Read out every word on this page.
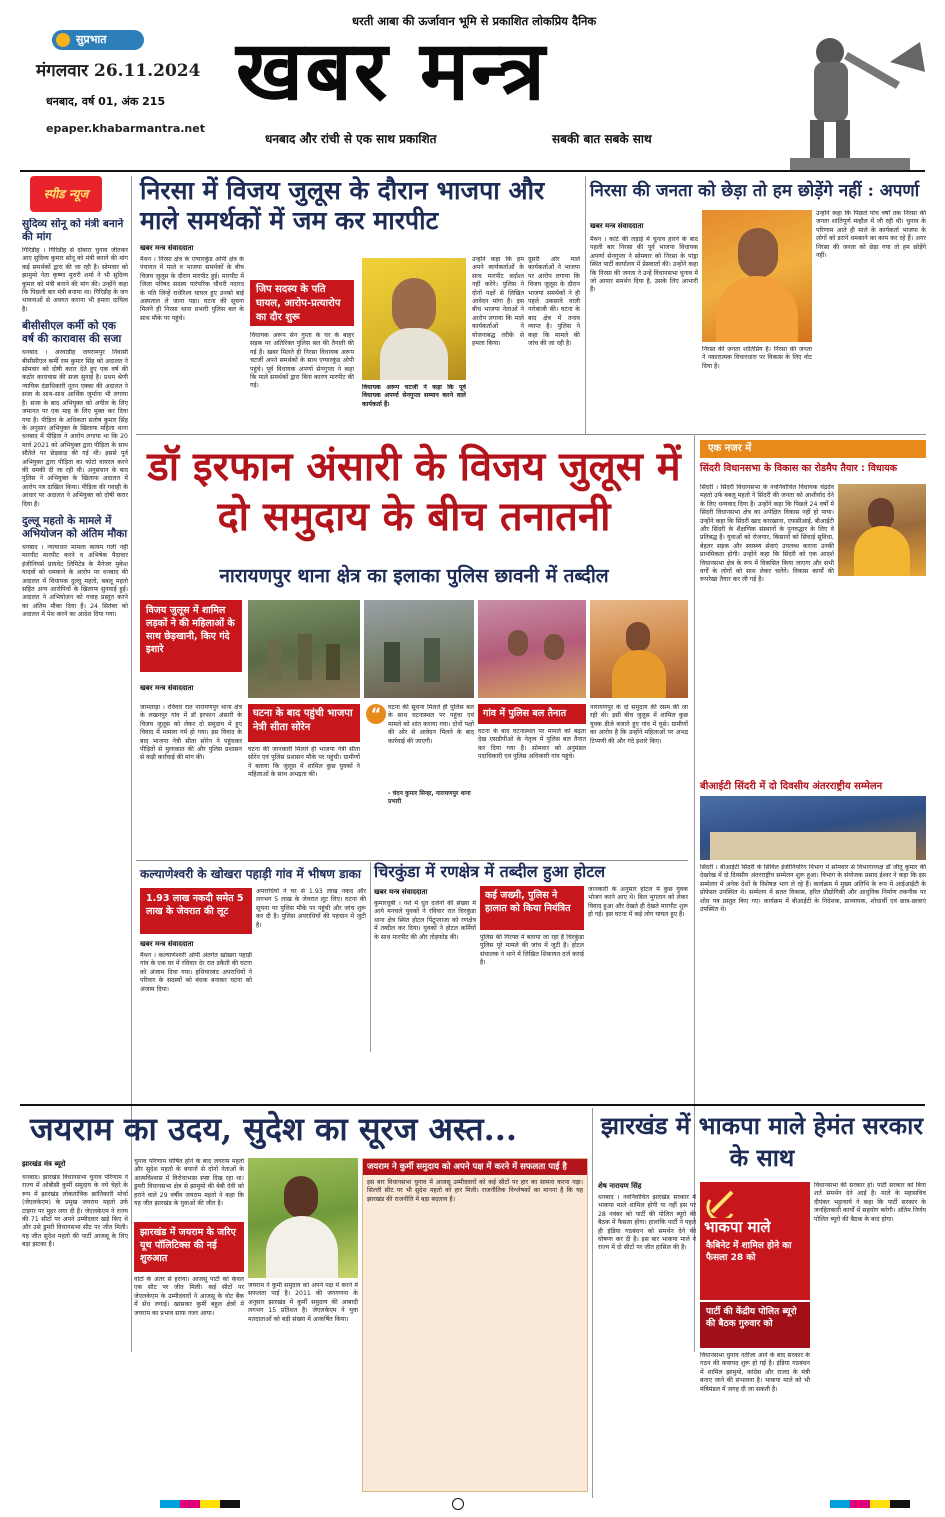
सुप्रभात
मंगलवार 26.11.2024
धनबाद, वर्ष 01, अंक 215
epaper.khabarmantra.net
धरती आबा की ऊर्जावान भूमि से प्रकाशित लोकप्रिय दैनिक
खबर मन्त्र
धनबाद और रांची से एक साथ प्रकाशित	सबकी बात सबके साथ
स्पीड न्यूज
सुदिव्य सोनू को मंत्री बनाने की मांग
गिरिडीह । गिरिडीह से दोबारा चुनाव जीतकर आए सुदिव्य कुमार सोनू को मंत्री बनाने की मांग कई समर्थकों द्वारा की जा रही है। सोमवार को झामुमो नेता कृष्णा मुरारी शर्मा ने भी सुदिव्य कुमार को मंत्री बनाने की मांग की। उन्होंने कहा कि पिछली बार मंत्री बनाया था। गिरिडीह के जन भावनाओं से अवगत कराना भी हमारा दायित्व है।
बीसीसीएल कर्मी को एक वर्ष की कारावास की सजा
धनबाद । अरवाडीह जयरामपुर निवासी बीसीसीएल कर्मी राम कुमार सिंह को अदालत ने सोमवार को दोषी करार देते हुए एक वर्ष की कठोर कारावास की सजा सुनाई है। प्रथम श्रेणी न्यायिक दंडाधिकारी नूतन एक्का की अदालत ने सजा के साथ-साथ आर्थिक जुर्माना भी लगाया है। सजा के बाद अभियुक्त को अपील के लिए जमानत पर एक माह के लिए मुक्त कर दिया गया है। पीड़िता के अधिकता सतोष कुमार सिंह के अनुसार अभियुक्त के खिलाफ महिला थाना धनबाद में पीड़िता ने आरोप लगाया था कि 20 मार्च 2021 को अभियुक्त द्वारा पीड़िता के साथ सौतेले पर छेड़छाड़ की गई थी। इससे पूर्व अभियुक्त द्वारा पीड़िता का फोटो वायरल करने की धमकी दी जा रही थी। अनुसंधान के बाद पुलिस ने अभियुक्त के खिलाफ अदालत में आरोप पत्र दाखिल किया। पीड़िता की गवाही के आधार पर अदालत ने अभियुक्त को दोषी करार दिया है।
दुल्लू महतो के मामले में अभियोजन को अंतिम मौका
धनबाद । न्यायाधार मामला कायम गली नहीं मारपीट मारपीट करने व अभिषेक पैदावार इंजीनियर्स प्रायवेट लिमिटेड के मैनेजर मुकेश यादवों को धमकाने के आरोप पर धनबाद की अदालत में विधायक दुल्लू महतो, बबलू महतो सहित अन्य आरोपियों के खिलाफ सुनवाई हुई। अदालत ने अभियोजन को गवाह प्रस्तुत करने का अंतिम मौका दिया है। 24 सितंबर को अदालत में पेश करने का आदेश दिया गया।
निरसा में विजय जुलूस के दौरान भाजपा और माले समर्थकों में जम कर मारपीट
खबर मन्त्र संवाददाता
मैथन । निरसा क्षेत्र के एग्यारकुंड ओपी क्षेत्र के पंचायत में माले व भाजपा समर्थकों के बीच विजय जुलूस के दौरान मारपीट हुई। मारपीट में जिला परिषद सदस्य पारंपरिक चौधरी नदारद के पति जिन्हें राधेरिश्य घायल हुए उनको बाई अस्पताल ले जाना पड़ा। घटना की सूचना मिलने ही निरसा थाना प्रभारी पुलिस बल के साथ मौके पर पहुंचे।
जिप सदस्य के पति घायल, आरोप-प्रत्यारोप का दौर शुरू
विधायक अरूप सेन गुप्ता के घर के बाहर सड़क पर अतिरिक्त पुलिस बल की तैनाती की गई है। खबर मिलते ही निरसा विधायक अरूप चटर्जी अपने समर्थकों के साथ एग्यारकुंड ओपी पहुंचे। पूर्व विधायक अपर्णा सेनगुप्ता ने कहा कि माले समर्थकों द्वारा बिना कारण मारपीट की गई।	विधायक अरूप चटर्जी ने कहा कि पूर्व विधायक अपर्णा सेनगुप्ता सम्मान करने वाले कार्यकर्ता हैं।
उन्होंने कहा कि हम अपने कार्यकर्ताओं के साथ मारपीट बर्दाश्त नहीं करेंगे। पुलिस ने दोनों पक्षों से लिखित आवेदन मांगा है। इस बीच भाजपा नेताओं ने आरोप लगाया कि माले कार्यकर्ताओं ने योजनाबद्ध तरीके से हमला किया।
दूसरी ओर माले कार्यकर्ताओं ने भाजपा पर आरोप लगाया कि विजय जुलूस के दौरान भाजपा समर्थकों ने ही पहले उकसावे वाली नारेबाजी की। घटना के बाद क्षेत्र में तनाव व्याप्त है। पुलिस ने कहा कि मामले की जांच की जा रही है।
निरसा की जनता को छेड़ा तो हम छोड़ेंगे नहीं : अपर्णा
खबर मन्त्र संवाददाता
मैथन । कांटे की लड़ाई में चुनाव हारने के बाद पहली बार निरसा की पूर्व भाजपा विधायक अपर्णा सेनगुप्ता ने सोमवार को निरसा के पांड्रा स्थित पार्टी कार्यालय में प्रेसवार्ता की। उन्होंने कहा कि निरसा की जनता ने उन्हें विधानसभा चुनाव में जो आपार समर्थन दिया है, उसके लिए आभारी हैं।
निरसा की जनता शांतिप्रिय है। निरसा की जनता ने नकारात्मक विचारधारा पर विकास के लिए वोट दिया है।
उन्होंने कहा कि पिछले पांच वर्षों तक निरसा की जनता शांतिपूर्ण माहौल में जी रही थी। चुनाव के परिणाम आते ही माले के कार्यकर्ता भाजपा के लोगों को डराने धमकाने का काम कर रहे हैं। अगर निरसा की जनता को छेड़ा गया तो हम छोड़ेंगे नहीं।
डॉ इरफान अंसारी के विजय जुलूस में दो समुदाय के बीच तनातनी
नारायणपुर थाना क्षेत्र का इलाका पुलिस छावनी में तब्दील
विजय जुलूस में शामिल लड़कों ने की महिलाओं के साथ छेड़खानी, किए गंदे इशारे
खबर मन्त्र संवाददाता
जामताड़ा । रविवार रात नारायणपुर थाना क्षेत्र के लखनपुर गांव में डॉ इरफान अंसारी के विजय जुलूस को लेकर दो समुदाय में हुए विवाद में मामला गर्म हो गया। इस विवाद के बाद भाजपा नेत्री सीता सोरेन ने पहुंचकर पीड़ितों से मुलाकात की और पुलिस प्रशासन से कड़ी कार्रवाई की मांग की।
घटना के बाद पहुंची भाजपा नेत्री सीता सोरेन
घटना की जानकारी मिलते ही भाजपा नेत्री सीता सोरेन एवं पुलिस प्रशासन मौके पर पहुंची। ग्रामीणों ने बताया कि जुलूस में शामिल कुछ युवकों ने महिलाओं के साथ अभद्रता की।
“	घटना की सूचना मिलते ही पुलिस बल के साथ घटनास्थल पर पहुंचा एवं मामले को शांत कराया गया। दोनों पक्षों की ओर से आवेदन मिलने के बाद कार्रवाई की जाएगी।
- चंदन कुमार सिन्हा, नारायणपुर थाना प्रभारी
गांव में पुलिस बल तैनात
घटना के बाद घटनास्थल पर मामले को बढ़ता देख एसडीपीओ के नेतृत्व में पुलिस बल तैनात कर दिया गया है। सोमवार को अनुमंडल पदाधिकारी एवं पुलिस अधिकारी गांव पहुंचे।
नारायणपुर के दो समुदाय की रसम की जा रही थी। इसी बीच जुलूस में शामिल कुछ युवक डीजे बजाते हुए गांव में घुसे। ग्रामीणों का आरोप है कि उन्होंने महिलाओं पर अभद्र टिप्पणी की और गंदे इशारे किए।
एक नजर में
सिंदरी विधानसभा के विकास का रोडमैप तैयार : विधायक
सिंदरी । सिंदरी विधानसभा के नवनिर्वाचित विधायक चंद्रदेव महतो उर्फ बबलू महतो ने सिंदरी की जनता को आशीर्वाद देने के लिए धन्यवाद दिया है। उन्होंने कहा कि पिछले 24 वर्षों में सिंदरी विधानसभा क्षेत्र का अपेक्षित विकास नहीं हो पाया। उन्होंने कहा कि सिंदरी खाद कारखाना, एफसीआई, बीआईटी और सिंदरी के शैक्षणिक संस्थानों के पुनरुद्धार के लिए वे प्रतिबद्ध हैं। युवाओं को रोजगार, किसानों को सिंचाई सुविधा, बेहतर सड़क और स्वास्थ्य सेवाएं उपलब्ध कराना उनकी प्राथमिकता होगी। उन्होंने कहा कि सिंदरी को एक आदर्श विधानसभा क्षेत्र के रूप में विकसित किया जाएगा और सभी वर्गों के लोगों को साथ लेकर चलेंगे। विकास कार्यों की रूपरेखा तैयार कर ली गई है।
बीआईटी सिंदरी में दो दिवसीय अंतरराष्ट्रीय सम्मेलन
सिंदरी । बीआईटी सिंदरी के सिविल इंजीनियरिंग विभाग में सोमवार से विभागाध्यक्ष डॉ जीतू कुमार की देखरेख में दो दिवसीय अंतरराष्ट्रीय सम्मेलन शुरू हुआ। विभाग के संयोजक प्रसाद ईश्वर ने कहा कि इस सम्मेलन में अनेक देशों के विशेषज्ञ भाग ले रहे हैं। कार्यक्रम में मुख्य अतिथि के रूप में आईआईटी के प्रोफेसर उपस्थित थे। सम्मेलन में सतत विकास, हरित प्रौद्योगिकी और आधुनिक निर्माण तकनीक पर शोध पत्र प्रस्तुत किए गए। कार्यक्रम में बीआईटी के निदेशक, प्राध्यापक, शोधार्थी एवं छात्र-छात्राएं उपस्थित थे।
कल्याणेश्वरी के खोखरा पहाड़ी गांव में भीषण डाका
1.93 लाख नकदी समेत 5 लाख के जेवरात की लूट
खबर मन्त्र संवाददाता
मैथन । कल्याणेश्वरी ओपी अंतर्गत खोखरा पहाड़ी गांव के एक घर में रविवार देर रात डकैती की घटना को अंजाम दिया गया। हथियारबंद अपराधियों ने परिवार के सदस्यों को बंधक बनाकर घटना को अंजाम दिया।
अपराधियों ने घर से 1.93 लाख नकद और लगभग 5 लाख के जेवरात लूट लिए। घटना की सूचना पर पुलिस मौके पर पहुंची और जांच शुरू कर दी है। पुलिस अपराधियों की पहचान में जुटी है।
चिरकुंडा में रणक्षेत्र में तब्दील हुआ होटल
खबर मन्त्र संवाददाता
कुमारधुबी । नशे में धुत दर्जनों की संख्या में आये मनचले युवकों ने रविवार रात चिरकुंडा थाना क्षेत्र स्थित होटल पिंटूप्लाजा को रणक्षेत्र में तब्दील कर दिया। युवकों ने होटल कर्मियों के साथ मारपीट की और तोड़फोड़ की।
कई जख्मी, पुलिस ने हालात को किया नियंत्रित
पुलिस की गिरफ्त में बताया जा रहा है चिरकुंडा पुलिस पूरे मामले की जांच में जुटी है। होटल संचालक ने थाने में लिखित शिकायत दर्ज कराई है।
जानकारी के अनुसार होटल में कुछ युवक भोजन करने आए थे। बिल भुगतान को लेकर विवाद हुआ और देखते ही देखते मारपीट शुरू हो गई। इस घटना में कई लोग घायल हुए हैं।
जयराम का उदय, सुदेश का सूरज अस्त...
झारखंड मंत्र ब्यूरो
धनबाद। झारखंड विधानसभा चुनाव परिणाम ने राज्य में ओबीसी कुर्मी समुदाय के नये चेहरे के रूप में झारखंड लोकतांत्रिक क्रांतिकारी मोर्चा (जेएलकेएम) के प्रमुख जयराम महतो उर्फ टाइगर पर मुहर लगा दी है। जेएलकेएम ने राज्य की 71 सीटों पर अपने उम्मीदवार खड़े किए थे और उसे डुमरी विधानसभा सीट पर जीत मिली। यह जीत सुदेश महतो की पार्टी आजसू के लिए बड़ा झटका है।
चुनाव परिणाम घोषित होने के बाद जयराम महतो और सुदेश महतो के बयानों से दोनों नेताओं के आत्मविश्वास में विरोधाभास स्पष्ट दिख रहा था। डुमरी विधानसभा क्षेत्र से झामुमो की बेबी देवी को हराने वाले 29 वर्षीय जयराम महतो ने कहा कि यह जीत झारखंड के युवाओं की जीत है।
झारखंड में जयराम के जरिए यूथ पॉलिटिक्स की नई शुरुआत
वोटों के अंतर से हराया। आजसू पार्टी को केवल एक सीट पर जीत मिली। कई सीटों पर जेएलकेएम के उम्मीदवारों ने आजसू के वोट बैंक में सेंध लगाई। खासकर कुर्मी बहुल क्षेत्रों में जयराम का प्रभाव साफ नजर आया।
जयराम ने कुर्मी समुदाय को अपने पक्ष में करने में सफलता पाई है। 2011 की जनगणना के अनुसार झारखंड में कुर्मी समुदाय की आबादी लगभग 15 प्रतिशत है। जेएलकेएम ने युवा मतदाताओं को बड़ी संख्या में आकर्षित किया।
जयराम ने कुर्मी समुदाय को अपने पक्ष में करने में सफलता पाई है
इस बार विधानसभा चुनाव में आजसू उम्मीदवारों को कई सीटों पर हार का सामना करना पड़ा। सिल्ली सीट पर भी सुदेश महतो को हार मिली। राजनीतिक विश्लेषकों का मानना है कि यह झारखंड की राजनीति में बड़ा बदलाव है।
झारखंड में भाकपा माले हेमंत सरकार के साथ
शेष नारायण सिंह
भाकपा माले
कैबिनेट में शामिल होने का फैसला 28 को
पार्टी की केंद्रीय पोलित ब्यूरो की बैठक गुरुवार को
धनबाद । नवनिर्वाचित झारखंड सरकार में भाकपा माले शामिल होगी या नहीं इस पर 28 नवंबर को पार्टी की पोलित ब्यूरो की बैठक में फैसला होगा। हालांकि पार्टी ने पहले ही इंडिया गठबंधन को समर्थन देने की घोषणा कर दी है। इस बार भाकपा माले ने राज्य में दो सीटों पर जीत हासिल की है।
विधानसभा चुनाव नतीजा आने के बाद सरकार के गठन की कवायद शुरू हो गई है। इंडिया गठबंधन में शामिल झामुमो, कांग्रेस और राजद के मंत्री बनाए जाने की संभावना है। भाकपा माले को भी मंत्रिमंडल में जगह दी जा सकती है।
विधानसभा की सरकार हो। पार्टी सरकार को बिना शर्त समर्थन देने आई है। माले के महासचिव दीपंकर भट्टाचार्य ने कहा कि पार्टी सरकार के जनहितकारी कार्यों में सहयोग करेगी। अंतिम निर्णय पोलित ब्यूरो की बैठक के बाद होगा।
